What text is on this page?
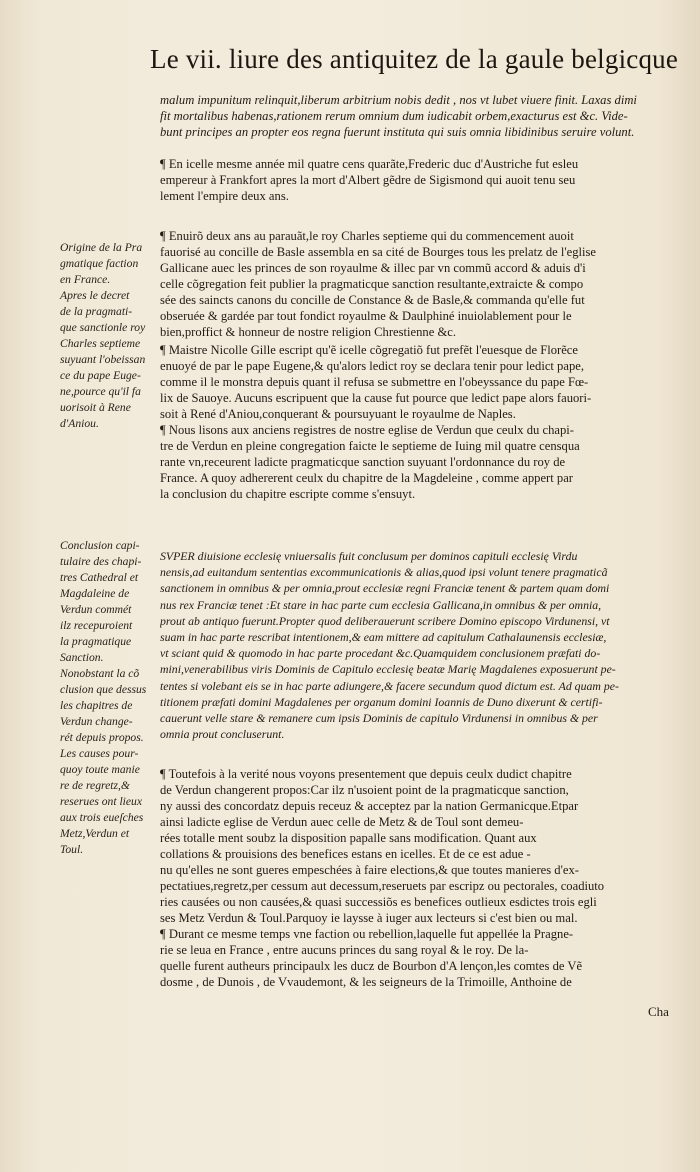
Le vii. liure des antiquitez de la gaule belgicque
malum impunitum relinquit,liberum arbitrium nobis dedit , nos vt lubet viuere finit. Laxas dimi
fit mortalibus habenas,rationem rerum omnium dum iudicabit orbem,exacturus est &c. Vide-
bunt principes an propter eos regna fuerunt instituta qui suis omnia libidinibus seruire volunt.
¶ En icelle mesme année mil quatre cens quarãte,Frederic duc d'Austriche fut esleu
empereur à Frankfort apres la mort d'Albert gẽdre de Sigismond qui auoit tenu seu
lement l'empire deux ans.
¶ Enuirõ deux ans au parauãt,le roy Charles septieme qui du commencement auoit
fauorisé au concille de Basle assembla en sa cité de Bourges tous les prelatz de l'eglise
Gallicane auec les princes de son royaulme & illec par vn commũ accord & aduis d'i
celle cõgregation feit publier la pragmaticque sanction resultante,extraicte & compo
sée des saincts canons du concille de Constance & de Basle,& commanda qu'elle fut
obseruée & gardée par tout fondict royaulme & Daulphiné inuiolablement pour le
bien,proffict & honneur de nostre religion Chrestienne &c.
Origine de la Pra
gmatique faction
en France.
Apres le decret
de la pragmati-
que sanctionle roy
Charles septieme
suyuant l'obeissan
ce du pape Euge-
ne,pource qu'il fa
uorisoit à Rene
d'Aniou.
¶ Maistre Nicolle Gille escript qu'ẽ icelle cõgregatiõ fut prefẽt l'euesque de Florẽce
enuoyé de par le pape Eugene,& qu'alors ledict roy se declara tenir pour ledict pape,
comme il le monstra depuis quant il refusa se submettre en l'obeyssance du pape Fœ-
lix de Sauoye. Aucuns escripuent que la cause fut pource que ledict pape alors fauori-
soit à René d'Aniou,conquerant & poursuyuant le royaulme de Naples.
¶ Nous lisons aux anciens registres de nostre eglise de Verdun que ceulx du chapi-
tre de Verdun en pleine congregation faicte le septieme de Iuing mil quatre censqua
rante vn,receurent ladicte pragmaticque sanction suyuant l'ordonnance du roy de
France. A quoy adhererent ceulx du chapitre de la Magdeleine , comme appert par
la conclusion du chapitre escripte comme s'ensuyt.
Conclusion capi-
tulaire des chapi-
tres Cathedral et
Magdaleine de
Verdun commét
ilz recepuroient
la pragmatique
Sanction.
Nonobstant la cõ
clusion que dessus
les chapitres de
Verdun change-
rét depuis propos.
Les causes pour-
quoy toute manie
re de regretz,&
reserues ont lieux
aux trois eueſches
Metz,Verdun et
Toul.
SVPER diuisione ecclesię vniuersalis fuit conclusum per dominos capituli ecclesię Virdu
nensis,ad euitandum sententias excommunicationis & alias,quod ipsi volunt tenere pragmaticã
sanctionem in omnibus & per omnia,prout ecclesiæ regni Franciæ tenent & partem quam domi
nus rex Franciæ tenet :Et stare in hac parte cum ecclesia Gallicana,in omnibus & per omnia,
prout ab antiquo fuerunt.Propter quod deliberauerunt scribere Domino episcopo Virdunensi, vt
suam in hac parte rescribat intentionem,& eam mittere ad capitulum Cathalaunensis ecclesiæ,
vt sciant quid & quomodo in hac parte procedant &c.Quamquidem conclusionem præfati do-
mini,venerabilibus viris Dominis de Capitulo ecclesię beatæ Marię Magdalenes exposuerunt pe-
tentes si volebant eis se in hac parte adiungere,& facere secundum quod dictum est. Ad quam pe-
titionem præfati domini Magdalenes per organum domini Ioannis de Duno dixerunt & certifi-
cauerunt velle stare & remanere cum ipsis Dominis de capitulo Virdunensi in omnibus & per
omnia prout concluserunt.
¶ Toutefois à la verité nous voyons presentement que depuis ceulx dudict chapitre
de Verdun changerent propos:Car ilz n'usoient point de la pragmaticque sanction,
ny aussi des concordatz depuis receuz & acceptez par la nation Germanicque.Etpar
ainsi ladicte eglise de Verdun auec celle de Metz & de Toul sont demeu-
rées totalle ment soubz la disposition papalle sans modification. Quant aux
collations & prouisions des benefices estans en icelles. Et de ce est adue -
nu qu'elles ne sont gueres empeschées à faire elections,& que toutes manieres d'ex-
pectatiues,regretz,per cessum aut decessum,reseruets par escripz ou pectorales, coadiuto
ries causées ou non causées,& quasi successiõs es benefices outlieux esdictes trois egli
ses Metz Verdun & Toul.Parquoy ie laysse à iuger aux lecteurs si c'est bien ou mal.
¶ Durant ce mesme temps vne faction ou rebellion,laquelle fut appellée la Pragne-
rie se leua en France , entre aucuns princes du sang royal & le roy. De la-
quelle furent autheurs principaulx les ducz de Bourbon d'A lençon,les comtes de Vẽ
dosme , de Dunois , de Vvaudemont, & les seigneurs de la Trimoille, Anthoine de
Cha
